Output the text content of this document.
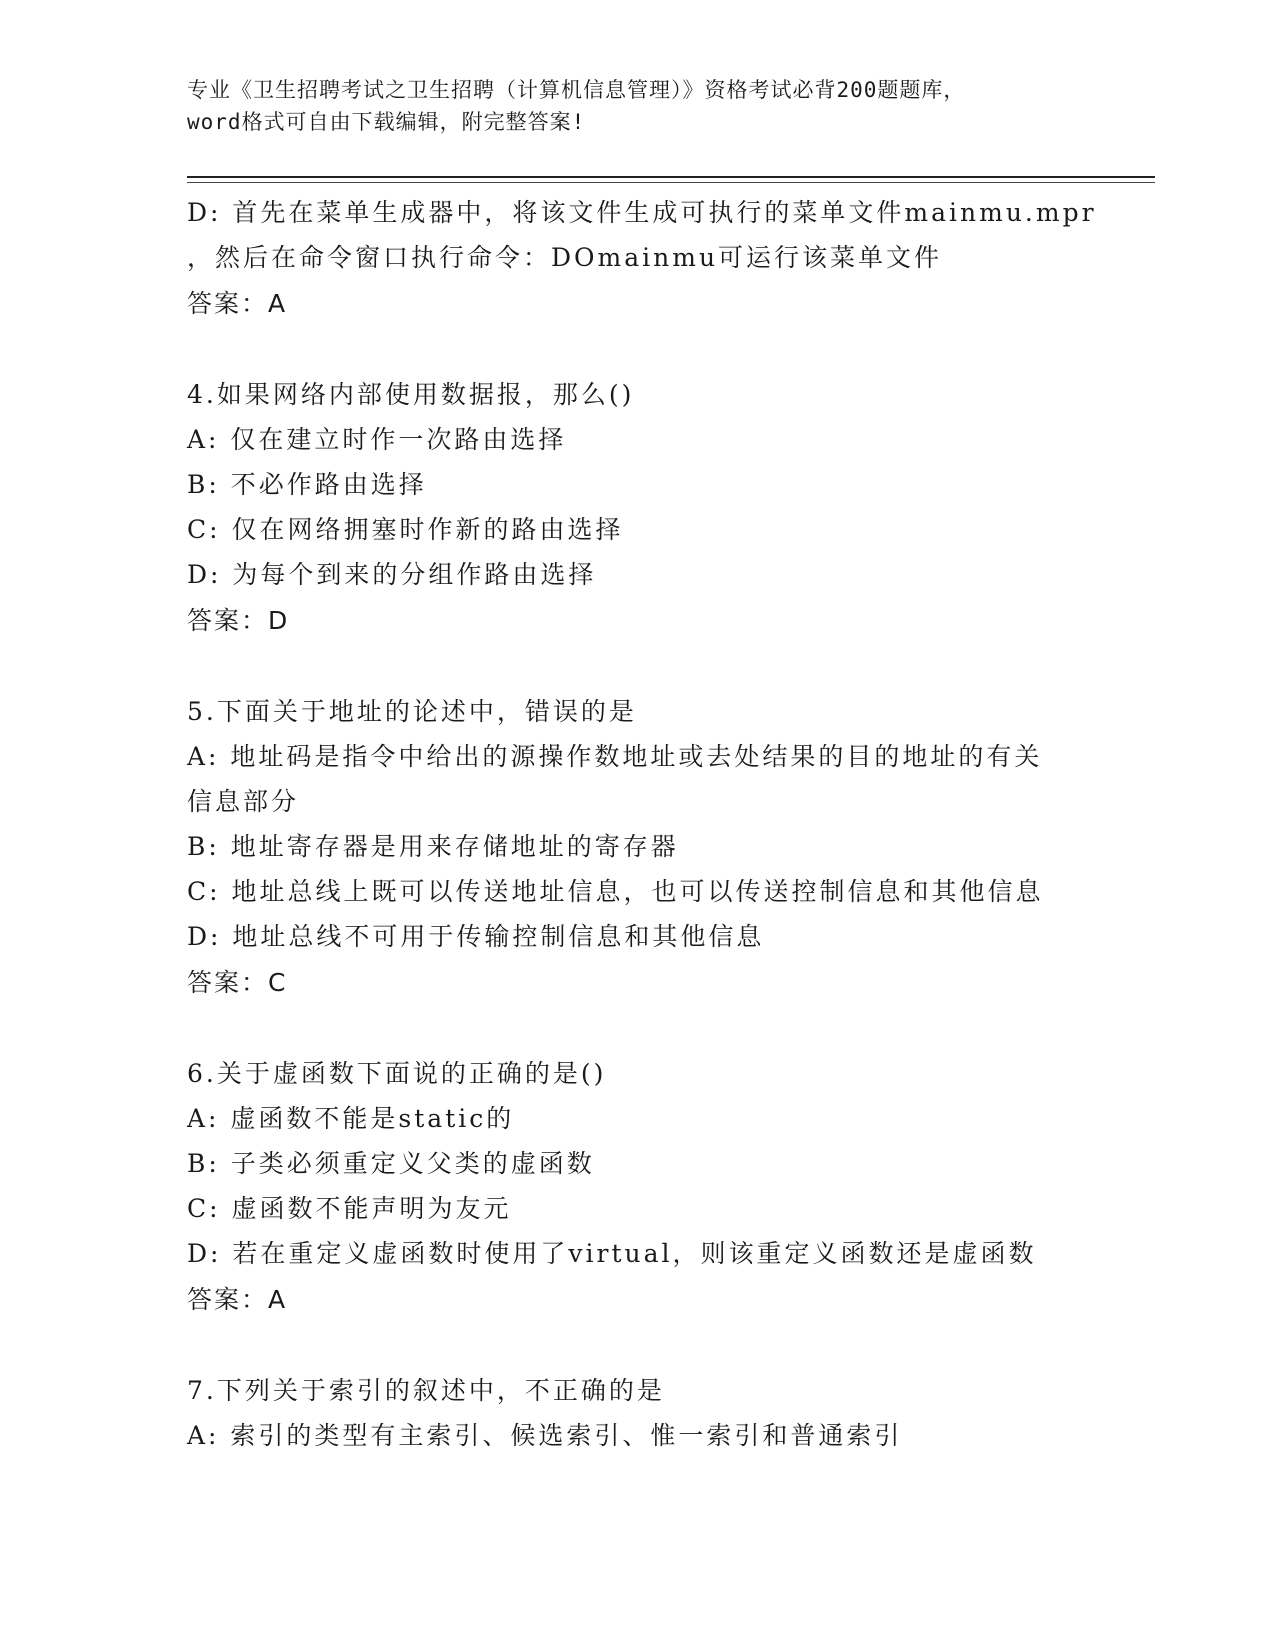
专业《卫生招聘考试之卫生招聘（计算机信息管理）》资格考试必背200题题库，
word格式可自由下载编辑，附完整答案!
D: 首先在菜单生成器中，将该文件生成可执行的菜单文件mainmu.mpr
，然后在命令窗口执行命令：DOmainmu可运行该菜单文件
答案：A
4.如果网络内部使用数据报，那么()
A: 仅在建立时作一次路由选择
B: 不必作路由选择
C: 仅在网络拥塞时作新的路由选择
D: 为每个到来的分组作路由选择
答案：D
5.下面关于地址的论述中，错误的是
A: 地址码是指令中给出的源操作数地址或去处结果的目的地址的有关
信息部分
B: 地址寄存器是用来存储地址的寄存器
C: 地址总线上既可以传送地址信息，也可以传送控制信息和其他信息
D: 地址总线不可用于传输控制信息和其他信息
答案：C
6.关于虚函数下面说的正确的是()
A: 虚函数不能是static的
B: 子类必须重定义父类的虚函数
C: 虚函数不能声明为友元
D: 若在重定义虚函数时使用了virtual，则该重定义函数还是虚函数
答案：A
7.下列关于索引的叙述中，不正确的是
A: 索引的类型有主索引、候选索引、惟一索引和普通索引
